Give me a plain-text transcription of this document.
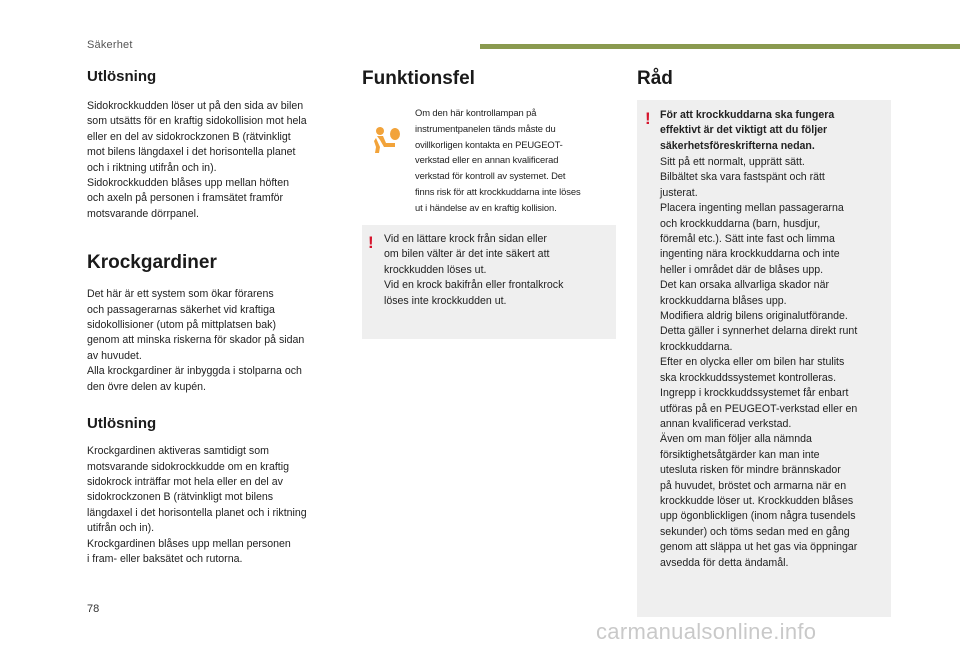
Säkerhet
Utlösning

Sidokrockkudden löser ut på den sida av bilen
som utsätts för en kraftig sidokollision mot hela
eller en del av sidokrockzonen B (rätvinkligt
mot bilens längdaxel i det horisontella planet
och i riktning utifrån och in).
Sidokrockkudden blåses upp mellan höften
och axeln på personen i framsätet framför
motsvarande dörrpanel.

Krockgardiner

Det här är ett system som ökar förarens
och passagerarnas säkerhet vid kraftiga
sidokollisioner (utom på mittplatsen bak)
genom att minska riskerna för skador på sidan
av huvudet.
Alla krockgardiner är inbyggda i stolparna och
den övre delen av kupén.

Utlösning

Krockgardinen aktiveras samtidigt som
motsvarande sidokrockkudde om en kraftig
sidokrock inträffar mot hela eller en del av
sidokrockzonen B (rätvinkligt mot bilens
längdaxel i det horisontella planet och i riktning
utifrån och in).
Krockgardinen blåses upp mellan personen
i fram- eller baksätet och rutorna.

Funktionsfel

Om den här kontrollampan på
instrumentpanelen tänds måste du
ovillkorligen kontakta en PEUGEOT-
verkstad eller en annan kvalificerad
verkstad för kontroll av systemet. Det
finns risk för att krockkuddarna inte löses
ut i händelse av en kraftig kollision.

! Vid en lättare krock från sidan eller
om bilen välter är det inte säkert att
krockkudden löses ut.
Vid en krock bakifrån eller frontalkrock
löses inte krockkudden ut.

Råd
! För att krockkuddarna ska fungera
effektivt är det viktigt att du följer
säkerhetsföreskrifterna nedan.

Sitt på ett normalt, upprätt sätt.
Bilbältet ska vara fastspänt och rätt
justerat.
Placera ingenting mellan passagerarna
och krockkuddarna (barn, husdjur,
föremål etc.). Sätt inte fast och limma
ingenting nära krockkuddarna och inte
heller i området där de blåses upp.
Det kan orsaka allvarliga skador när
krockkuddarna blåses upp.
Modifiera aldrig bilens originalutförande.
Detta gäller i synnerhet delarna direkt runt
krockkuddarna.
Efter en olycka eller om bilen har stulits
ska krockkuddssystemet kontrolleras.
Ingrepp i krockkuddssystemet får enbart
utföras på en PEUGEOT-verkstad eller en
annan kvalificerad verkstad.
Även om man följer alla nämnda
försiktighetsåtgärder kan man inte
utesluta risken för mindre brännskador
på huvudet, bröstet och armarna när en
krockkudde löser ut. Krockkudden blåses
upp ögonblickligen (inom några tusendels
sekunder) och töms sedan med en gång
genom att släppa ut het gas via öppningar
avsedda för detta ändamål.

78
carmanualsonline.info
